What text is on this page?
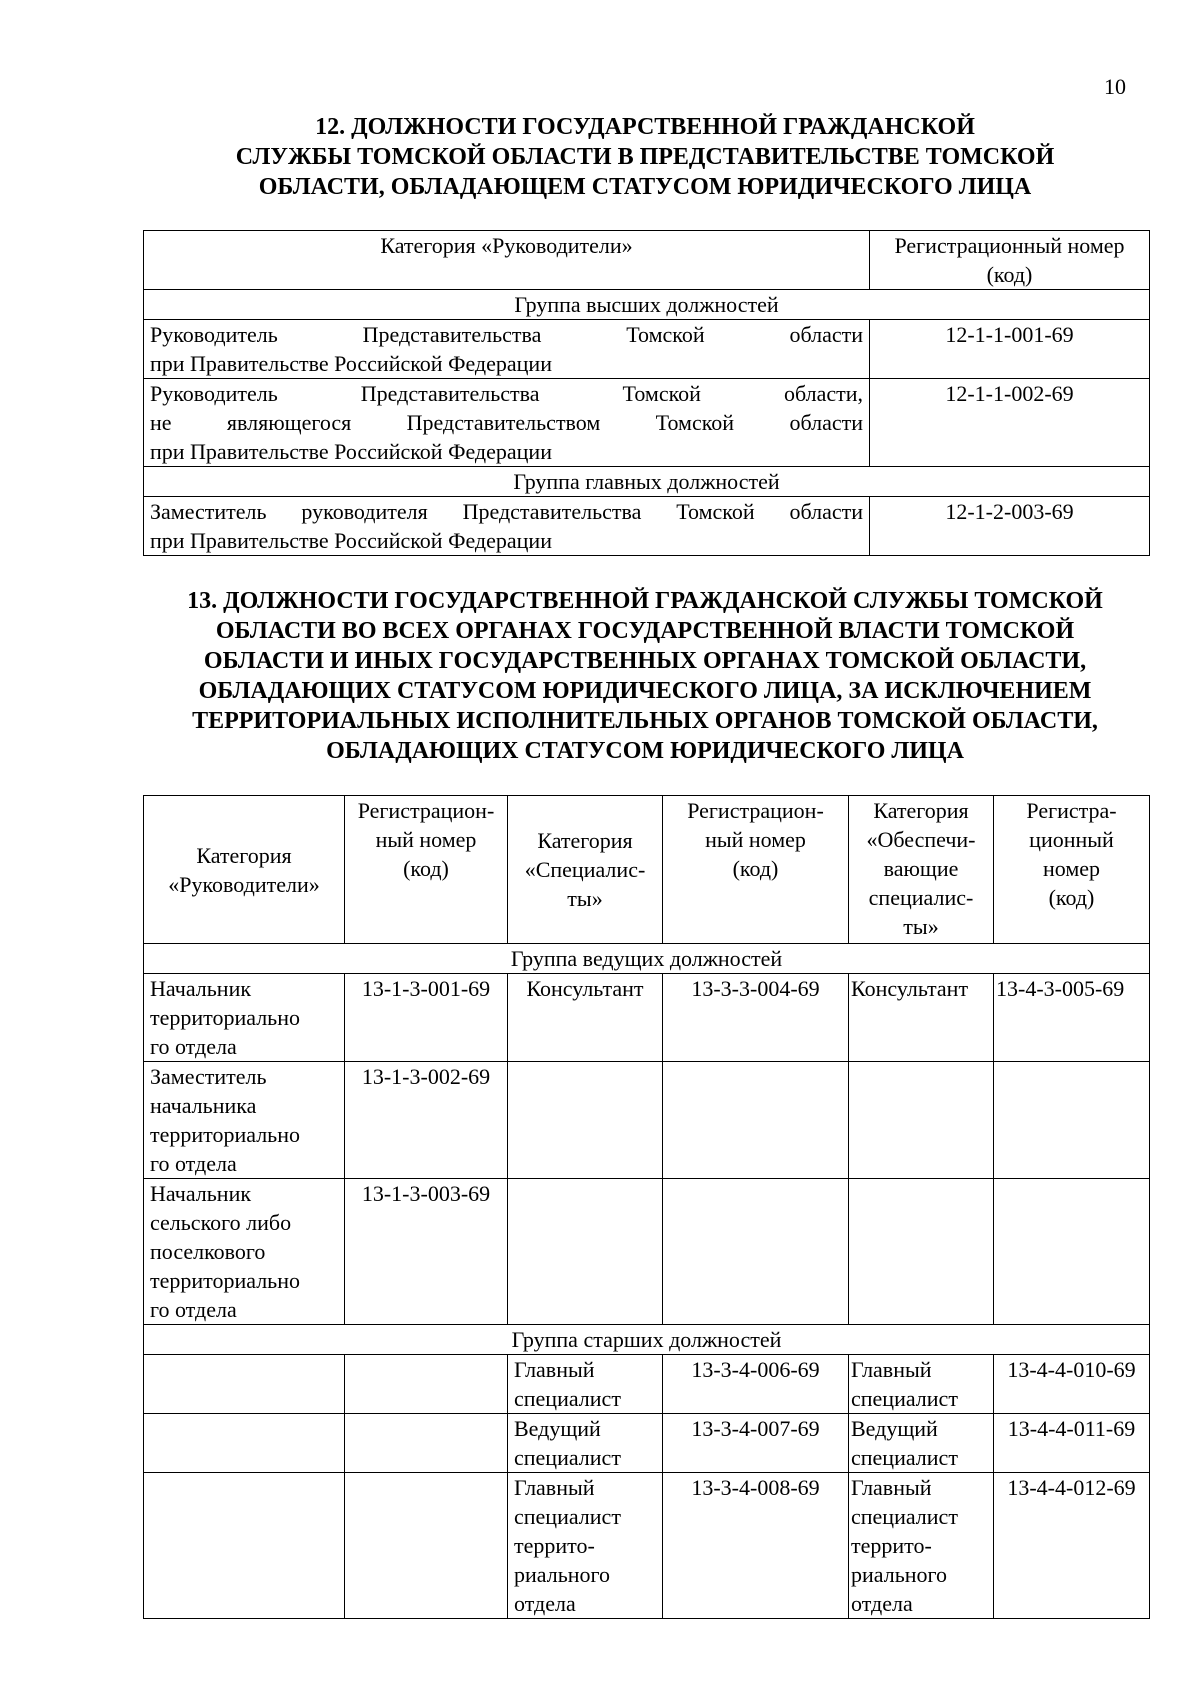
10
12. ДОЛЖНОСТИ ГОСУДАРСТВЕННОЙ ГРАЖДАНСКОЙ
СЛУЖБЫ ТОМСКОЙ ОБЛАСТИ В ПРЕДСТАВИТЕЛЬСТВЕ ТОМСКОЙ
ОБЛАСТИ, ОБЛАДАЮЩЕМ СТАТУСОМ ЮРИДИЧЕСКОГО ЛИЦА
Категория «Руководители»	Регистрационный номер
(код)

Группа высших должностей	

Руководитель Представительства Томской области
при Правительстве Российской Федерации	12-1-1-001-69

Руководитель Представительства Томской области,
не являющегося Представительством Томской области
при Правительстве Российской Федерации	12-1-1-002-69
Группа главных должностей	

Заместитель руководителя Представительства Томской области
при Правительстве Российской Федерации	12-1-2-003-69
13. ДОЛЖНОСТИ ГОСУДАРСТВЕННОЙ ГРАЖДАНСКОЙ СЛУЖБЫ ТОМСКОЙ
ОБЛАСТИ ВО ВСЕХ ОРГАНАХ ГОСУДАРСТВЕННОЙ ВЛАСТИ ТОМСКОЙ
ОБЛАСТИ И ИНЫХ ГОСУДАРСТВЕННЫХ ОРГАНАХ ТОМСКОЙ ОБЛАСТИ,
ОБЛАДАЮЩИХ СТАТУСОМ ЮРИДИЧЕСКОГО ЛИЦА, ЗА ИСКЛЮЧЕНИЕМ
ТЕРРИТОРИАЛЬНЫХ ИСПОЛНИТЕЛЬНЫХ ОРГАНОВ ТОМСКОЙ ОБЛАСТИ,
ОБЛАДАЮЩИХ СТАТУСОМ ЮРИДИЧЕСКОГО ЛИЦА
Категория
«Руководители»	Регистрацион-
ный номер
(код)	Категория
«Специалис-
ты»	Регистрацион-
ный номер
(код)	Категория
«Обеспечи-
вающие
специалис-
ты»	Регистра-
ционный
номер
(код)

Группа ведущих должностей					

Начальник
территориально
го отдела	13-1-3-001-69	Консультант	13-3-3-004-69	Консультант	13-4-3-005-69

Заместитель
начальника
территориально
го отдела	13-1-3-002-69				

Начальник
сельского либо
поселкового
территориально
го отдела	13-1-3-003-69				
Группа старших должностей					

		Главный
специалист	13-3-4-006-69	Главный
специалист	13-4-4-010-69

		Ведущий
специалист	13-3-4-007-69	Ведущий
специалист	13-4-4-011-69

		Главный
специалист
террито-
риального
отдела	13-3-4-008-69	Главный
специалист
террито-
риального
отдела	13-4-4-012-69
